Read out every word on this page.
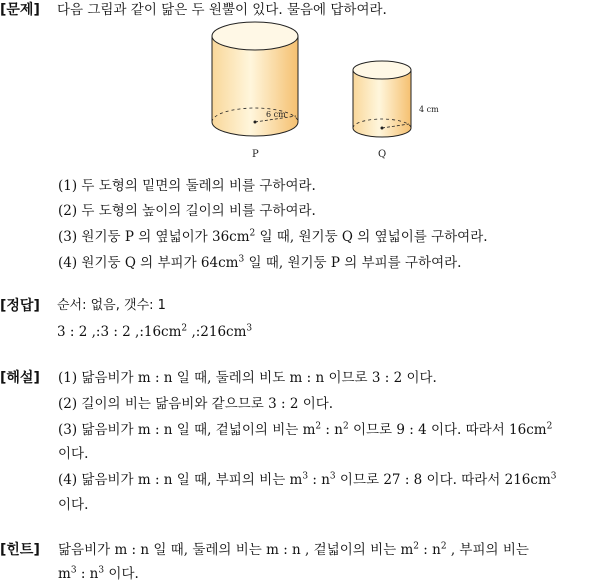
[문제] 다음 그림과 같이 닮은 두 원뿔이 있다. 물음에 답하여라.
6 cm
P
4 cm
Q
(1) 두 도형의 밑면의 둘레의 비를 구하여라.
(2) 두 도형의 높이의 길이의 비를 구하여라.
(3) 원기둥 P 의 옆넓이가 $36cm^2$ 일 때, 원기둥 Q 의 옆넓이를 구하여라.
(4) 원기둥 Q 의 부피가 $64cm^3$ 일 때, 원기둥 P 의 부피를 구하여라.
[정답] 순서: 없음, 갯수: 1
3 : 2 ,:3 : 2 $,:16cm^2$ $,:216cm^3$
[해설] (1) 닮음비가 m : n 일 때, 둘레의 비도 m : n 이므로 3 : 2 이다.
(2) 길이의 비는 닮음비와 같으므로 3 : 2 이다.
(3) 닮음비가 m : n 일 때, 겉넓이의 비는 $m^2$ : $n^2$ 이므로 9 : 4 이다. 따라서 $16cm^2$
이다.
(4) 닮음비가 m : n 일 때, 부피의 비는 $m^3$ : $n^3$ 이므로 27 : 8 이다. 따라서 $216cm^3$
이다.
[힌트] 닮음비가 m : n 일 때, 둘레의 비는 m : n , 겉넓이의 비는 $m^2$ : $n^2$ , 부피의 비는
$m^3$ : $n^3$ 이다.
